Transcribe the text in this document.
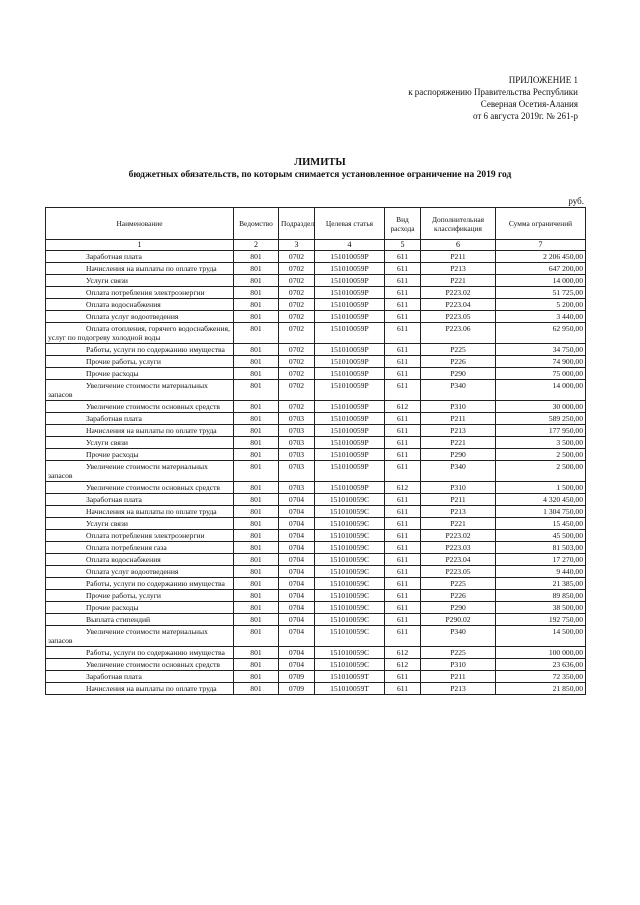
ПРИЛОЖЕНИЕ 1
к распоряжению Правительства Республики
Северная Осетия-Алания
от 6 августа 2019г. № 261-р
ЛИМИТЫ
бюджетных обязательств, по которым снимается установленное ограничение на 2019 год
руб.
Наименование	Ведомство	Подраздел	Целевая статья	Вид расхода	Дополнительная классификация	Сумма ограничений
1	2	3	4	5	6	7
Заработная плата	801	0702	151010059Р	611	Р211	2 206 450,00
Начисления на выплаты по оплате труда	801	0702	151010059Р	611	Р213	647 200,00
Услуги связи	801	0702	151010059Р	611	Р221	14 000,00
Оплата потребления электроэнергии	801	0702	151010059Р	611	Р223.02	51 725,00
Оплата водоснабжения	801	0702	151010059Р	611	Р223.04	5 200,00
Оплата услуг водоотведения	801	0702	151010059Р	611	Р223.05	3 440,00
Оплата отопления, горячего водоснабжения, услуг по подогреву холодной воды	801	0702	151010059Р	611	Р223.06	62 950,00
Работы, услуги по содержанию имущества	801	0702	151010059Р	611	Р225	34 750,00
Прочие работы, услуги	801	0702	151010059Р	611	Р226	74 900,00
Прочие расходы	801	0702	151010059Р	611	Р290	75 000,00
Увеличение стоимости материальных запасов	801	0702	151010059Р	611	Р340	14 000,00
Увеличение стоимости основных средств	801	0702	151010059Р	612	Р310	30 000,00
Заработная плата	801	0703	151010059Р	611	Р211	589 250,00
Начисления на выплаты по оплате труда	801	0703	151010059Р	611	Р213	177 950,00
Услуги связи	801	0703	151010059Р	611	Р221	3 500,00
Прочие расходы	801	0703	151010059Р	611	Р290	2 500,00
Увеличение стоимости материальных запасов	801	0703	151010059Р	611	Р340	2 500,00
Увеличение стоимости основных средств	801	0703	151010059Р	612	Р310	1 500,00
Заработная плата	801	0704	151010059С	611	Р211	4 320 450,00
Начисления на выплаты по оплате труда	801	0704	151010059С	611	Р213	1 304 750,00
Услуги связи	801	0704	151010059С	611	Р221	15 450,00
Оплата потребления электроэнергии	801	0704	151010059С	611	Р223.02	45 500,00
Оплата потребления газа	801	0704	151010059С	611	Р223.03	81 503,00
Оплата водоснабжения	801	0704	151010059С	611	Р223.04	17 270,00
Оплата услуг водоотведения	801	0704	151010059С	611	Р223.05	9 440,00
Работы, услуги по содержанию имущества	801	0704	151010059С	611	Р225	21 385,00
Прочие работы, услуги	801	0704	151010059С	611	Р226	89 850,00
Прочие расходы	801	0704	151010059С	611	Р290	38 500,00
Выплата стипендий	801	0704	151010059С	611	Р290.02	192 750,00
Увеличение стоимости материальных запасов	801	0704	151010059С	611	Р340	14 500,00
Работы, услуги по содержанию имущества	801	0704	151010059С	612	Р225	100 000,00
Увеличение стоимости основных средств	801	0704	151010059С	612	Р310	23 636,00
Заработная плата	801	0709	151010059Т	611	Р211	72 350,00
Начисления на выплаты по оплате труда	801	0709	151010059Т	611	Р213	21 850,00
